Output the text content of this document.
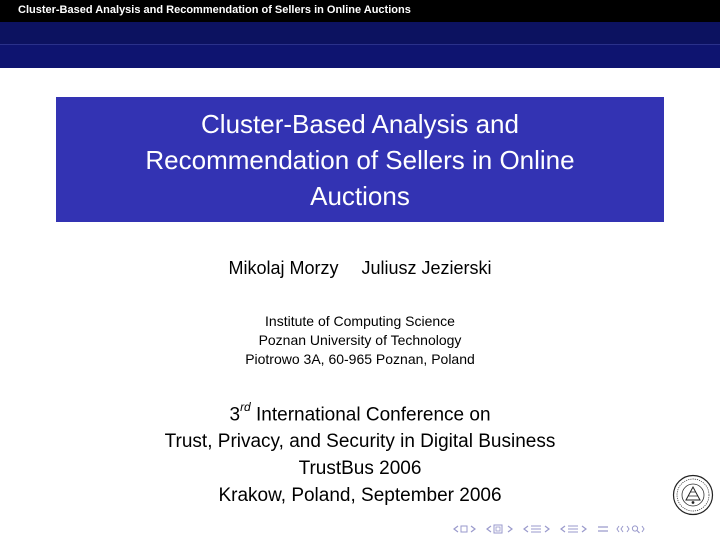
Cluster-Based Analysis and Recommendation of Sellers in Online Auctions
Cluster-Based Analysis and
Recommendation of Sellers in Online
Auctions
Mikolaj Morzy Juliusz Jezierski
Institute of Computing Science
Poznan University of Technology
Piotrowo 3A, 60-965 Poznan, Poland
3rd International Conference on
Trust, Privacy, and Security in Digital Business
TrustBus 2006
Krakow, Poland, September 2006
